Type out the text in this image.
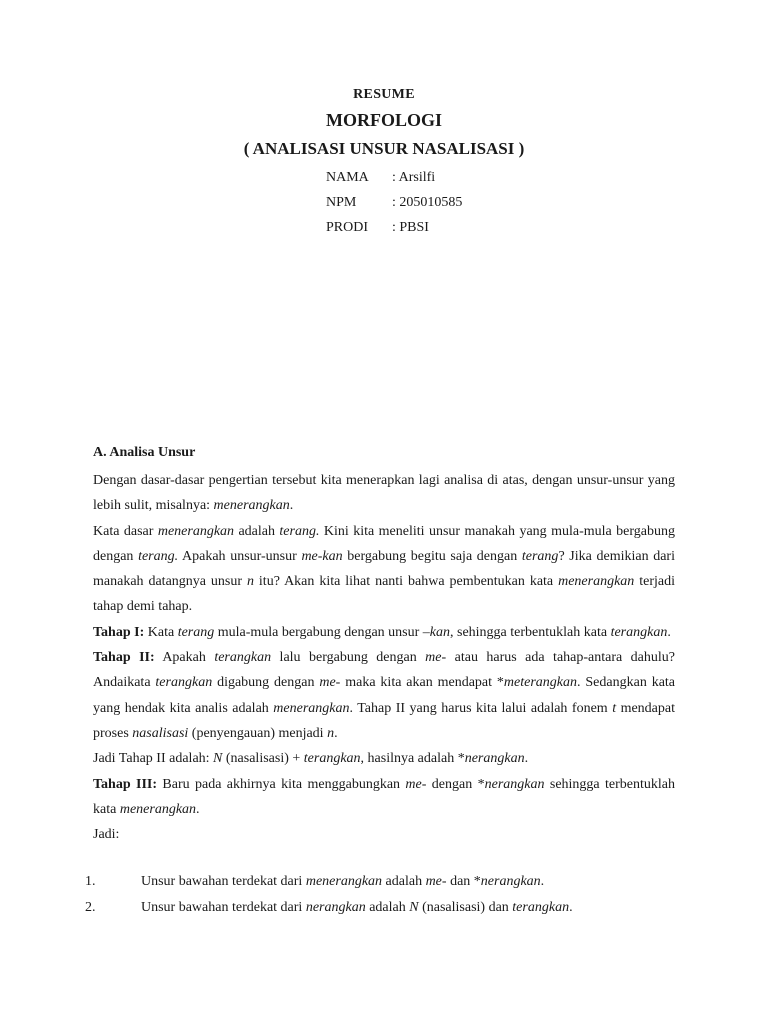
RESUME
MORFOLOGI
( ANALISASI UNSUR NASALISASI )
NAMA : Arsilfi
NPM	: 205010585
PRODI : PBSI
A. Analisa Unsur

Dengan dasar-dasar pengertian tersebut kita menerapkan lagi analisa di atas, dengan unsur-unsur yang lebih sulit, misalnya: menerangkan.

Kata dasar menerangkan adalah terang. Kini kita meneliti unsur manakah yang mula-mula bergabung dengan terang. Apakah unsur-unsur me-kan bergabung begitu saja dengan terang? Jika demikian dari manakah datangnya unsur n itu? Akan kita lihat nanti bahwa pembentukan kata menerangkan terjadi tahap demi tahap.

Tahap I: Kata terang mula-mula bergabung dengan unsur –kan, sehingga terbentuklah kata terangkan.

Tahap II: Apakah terangkan lalu bergabung dengan me- atau harus ada tahap-antara dahulu? Andaikata terangkan digabung dengan me- maka kita akan mendapat *meterangkan. Sedangkan kata yang hendak kita analis adalah menerangkan. Tahap II yang harus kita lalui adalah fonem t mendapat proses nasalisasi (penyengauan) menjadi n.

Jadi Tahap II adalah: N (nasalisasi) + terangkan, hasilnya adalah *nerangkan.

Tahap III: Baru pada akhirnya kita menggabungkan me- dengan *nerangkan sehingga terbentuklah kata menerangkan.

Jadi:

1.	Unsur bawahan terdekat dari menerangkan adalah me- dan *nerangkan.
2.	Unsur bawahan terdekat dari nerangkan adalah N (nasalisasi) dan terangkan.
